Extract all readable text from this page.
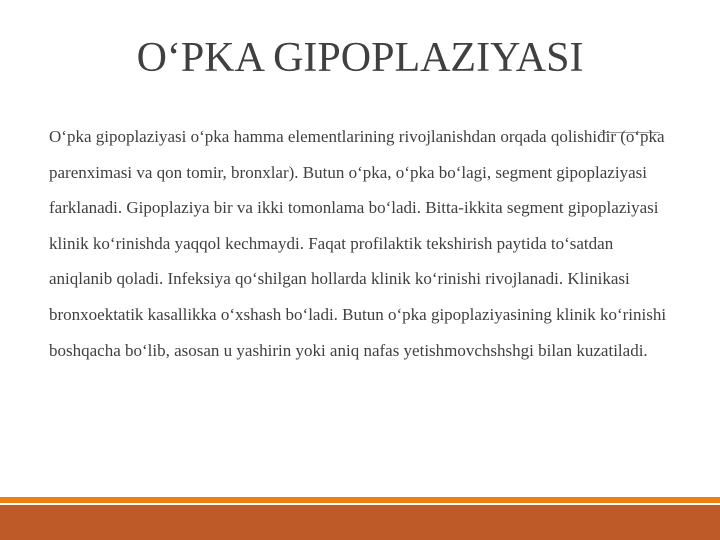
O‘PKA GIPOPLAZIYASI

O‘pka gipoplaziyasi o‘pka hamma elementlarining rivojlanishdan orqada qolishidir (o‘pka parenximasi va qon tomir, bronxlar). Butun o‘pka, o‘pka bo‘lagi, segment gipoplaziyasi farklanadi. Gipoplaziya bir va ikki tomonlama bo‘ladi. Bitta-ikkita segment gipoplaziyasi klinik ko‘rinishda yaqqol kechmaydi. Faqat profilaktik tekshirish paytida to‘satdan aniqlanib qoladi. Infeksiya qo‘shilgan hollarda klinik ko‘rinishi rivojlanadi. Klinikasi bronxoektatik kasallikka o‘xshash bo‘ladi. Butun o‘pka gipoplaziyasining klinik ko‘rinishi boshqacha bo‘lib, asosan u yashirin yoki aniq nafas yetishmovchshshgi bilan kuzatiladi.
